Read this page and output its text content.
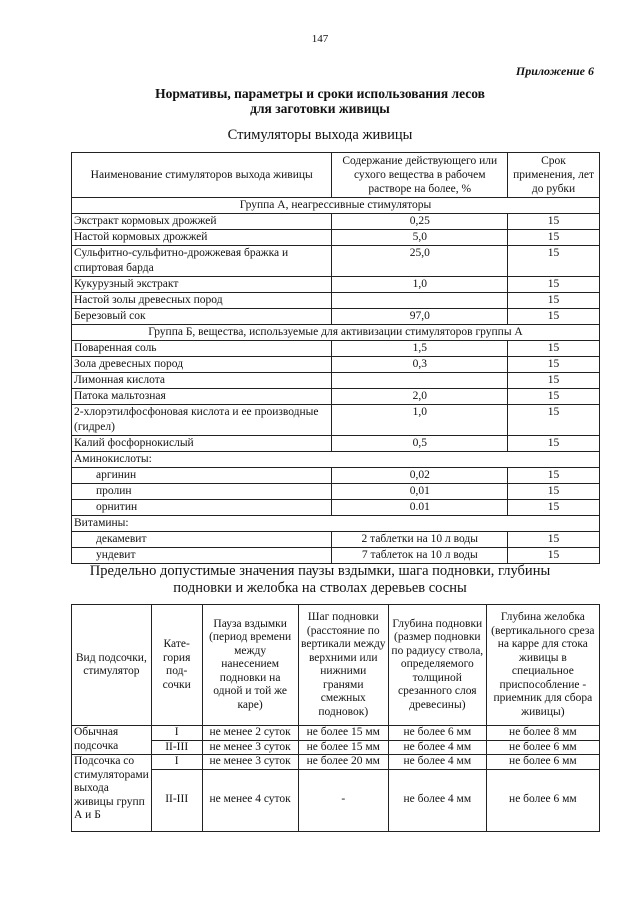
147
Приложение 6
Нормативы, параметры и сроки использования лесов
для заготовки живицы
Стимуляторы выхода живицы
Наименование стимуляторов выхода живицы	Содержание действующего или сухого вещества в рабочем растворе на более, %	Срок применения, лет до рубки
Группа А, неагрессивные стимуляторы		
Экстракт кормовых дрожжей	0,25	15
Настой кормовых дрожжей	5,0	15
Сульфитно-сульфитно-дрожжевая бражка и спиртовая барда	25,0	15
Кукурузный экстракт	1,0	15
Настой золы древесных пород		15
Березовый сок	97,0	15
Группа Б, вещества, используемые для активизации стимуляторов группы А		
Поваренная соль	1,5	15
Зола древесных пород	0,3	15
Лимонная кислота		15
Патока мальтозная	2,0	15
2-хлорэтилфосфоновая кислота и ее производные (гидрел)	1,0	15
Калий фосфорнокислый	0,5	15
Аминокислоты:		
аргинин	0,02	15
пролин	0,01	15
орнитин	0.01	15
Витамины:		
декамевит	2 таблетки на 10 л воды	15
ундевит	7 таблеток на 10 л воды	15
Предельно допустимые значения паузы вздымки, шага подновки, глубины
подновки и желобка на стволах деревьев сосны
Вид подсочки, стимулятор	Кате-гория под-сочки	Пауза вздымки (период времени между нанесением подновки на одной и той же каре)	Шаг подновки (расстояние по вертикали между верхними или нижними гранями смежных подновок)	Глубина подновки (размер подновки по радиусу ствола, определяемого толщиной срезанного слоя древесины)	Глубина желобка (вертикального среза на карре для стока живицы в специальное приспособление - приемник для сбора живицы)
Обычная подсочка	I	не менее 2 суток	не более 15 мм	не более 6 мм	не более 8 мм
	II-III	не менее 3 суток	не более 15 мм	не более 4 мм	не более 6 мм
Подсочка со стимуляторами выхода живицы групп А и Б	I	не менее 3 суток	не более 20 мм	не более 4 мм	не более 6 мм
	II-III	не менее 4 суток	-	не более 4 мм	не более 6 мм
